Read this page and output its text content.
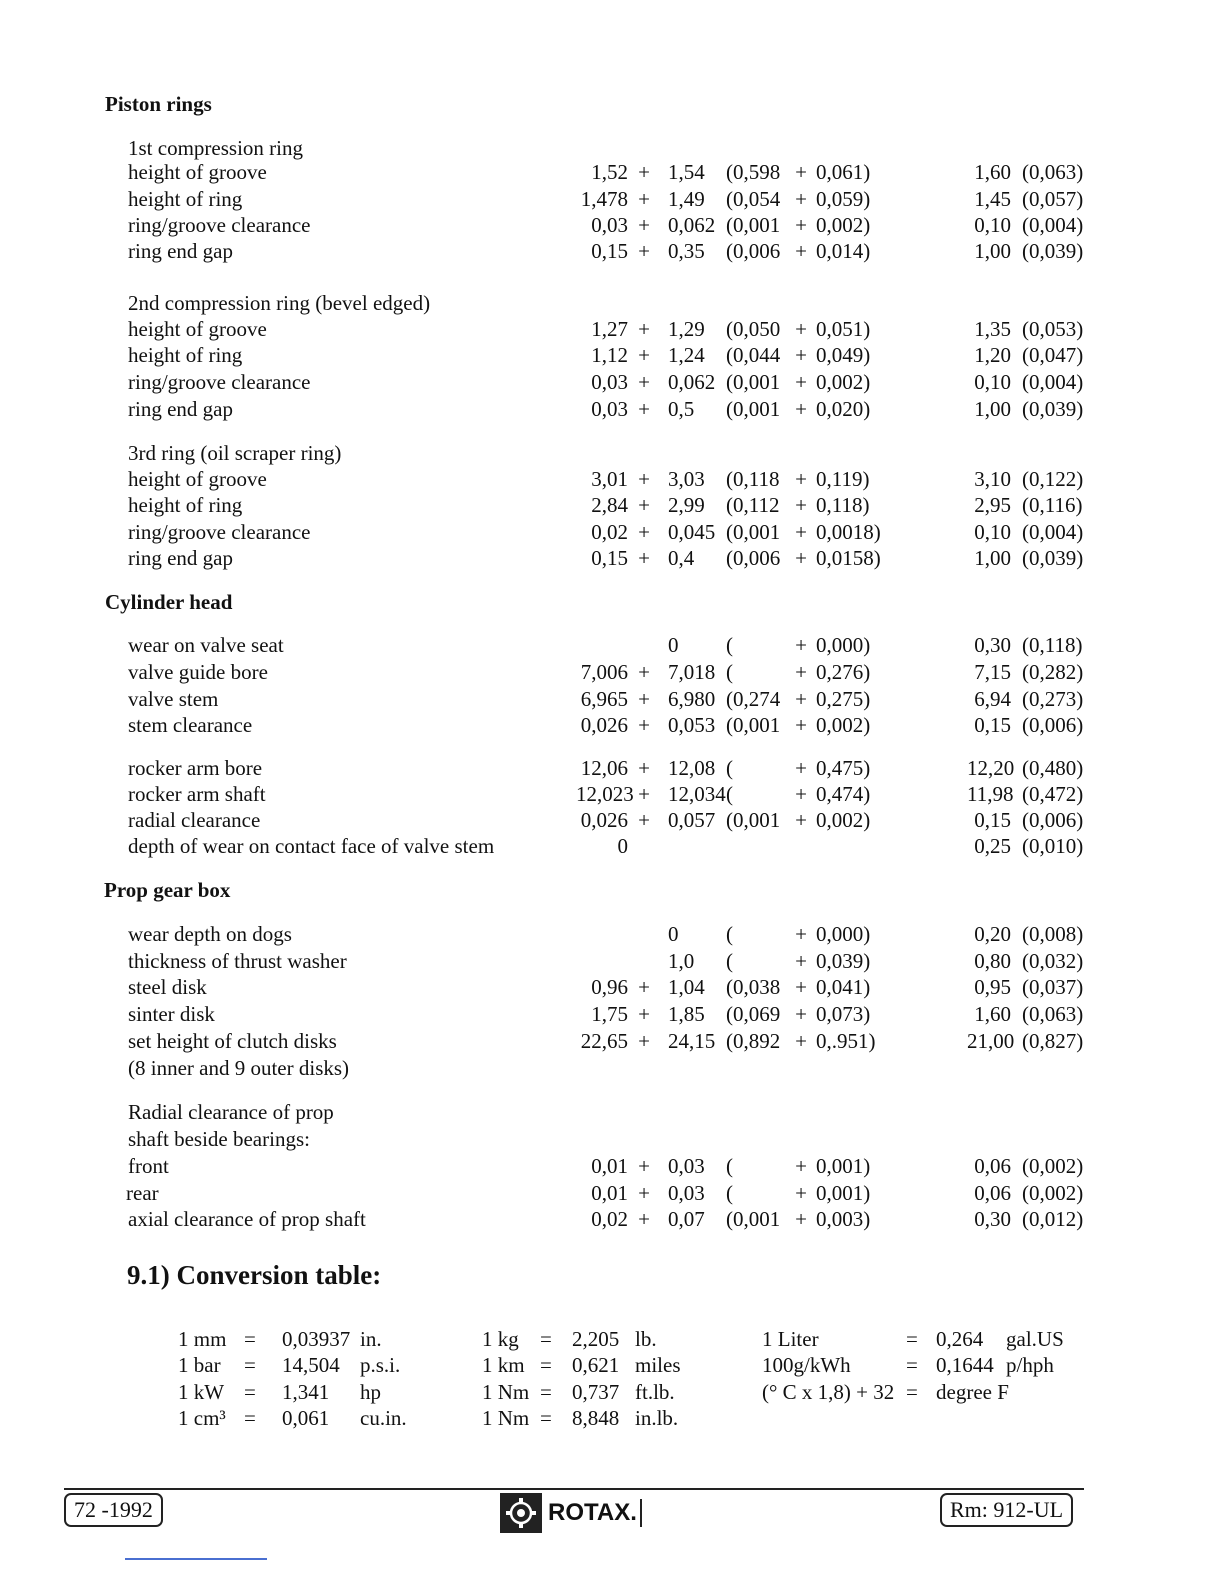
Piston rings
1st compression ring
2nd compression ring (bevel edged)
3rd ring (oil scraper ring)
Cylinder head
Prop gear box
height of groove	1,52 + 1,54	(0,598 + 0,061)	1,60 (0,063)
height of ring	1,478 + 1,49	(0,054 + 0,059)	1,45 (0,057)
ring/groove clearance	0,03 + 0,062 (0,001 + 0,002)	0,10 (0,004)
ring end gap	0,15 + 0,35	(0,006 + 0,014)	1,00 (0,039)
height of groove	1,27 + 1,29	(0,050 + 0,051)	1,35 (0,053)
height of ring	1,12 + 1,24	(0,044 + 0,049)	1,20 (0,047)
ring/groove clearance	0,03 + 0,062 (0,001 + 0,002)	0,10 (0,004)
ring end gap	0,03 + 0,5	(0,001 + 0,020)	1,00 (0,039)
height of groove	3,01 + 3,03	(0,118 + 0,119)	3,10 (0,122)
height of ring	2,84 + 2,99	(0,112 + 0,118)	2,95 (0,116)
ring/groove clearance	0,02 + 0,045 (0,001 + 0,0018)	0,10 (0,004)
ring end gap	0,15 + 0,4	(0,006 + 0,0158)	1,00 (0,039)
wear on valve seat	0	(	+ 0,000)	0,30 (0,118)
valve guide bore	7,006 + 7,018 (	+ 0,276)	7,15 (0,282)
valve stem	6,965 + 6,980 (0,274 + 0,275)	6,94 (0,273)
stem clearance	0,026 + 0,053 (0,001 + 0,002)	0,15 (0,006)
rocker arm bore	12,06 + 12,08 (	+ 0,475)	12,20 (0,480)
rocker arm shaft	12,023 + 12,034 (	+ 0,474)	11,98 (0,472)
radial clearance	0,026 + 0,057 (0,001 + 0,002)	0,15 (0,006)
depth of wear on contact face of valve stem	0	0,25 (0,010)
wear depth on dogs	0	(	+ 0,000)	0,20 (0,008)
thickness of thrust washer	1,0	(	+ 0,039)	0,80 (0,032)
steel disk	0,96 + 1,04	(0,038 + 0,041)	0,95 (0,037)
sinter disk	1,75 + 1,85	(0,069 + 0,073)	1,60 (0,063)
set height of clutch disks	22,65 + 24,15 (0,892 + 0,.951)	21,00 (0,827)
(8 inner and 9 outer disks)
Radial clearance of prop
shaft beside bearings:
front	0,01 + 0,03	(	+ 0,001)	0,06 (0,002)
rear	0,01 + 0,03	(	+ 0,001)	0,06 (0,002)
axial clearance of prop shaft	0,02 + 0,07	(0,001 + 0,003)	0,30 (0,012)
9.1) Conversion table:
1 mm = 0,03937 in.
1 bar = 14,504 p.s.i.
1 kW = 1,341 hp
1 cm³ = 0,061 cu.in.
1 kg = 2,205 lb.
1 km = 0,621 miles
1 Nm = 0,737 ft.lb.
1 Nm = 8,848 in.lb.
1 Liter	= 0,264 gal.US
100g/kWh	= 0,1644 p/hph
(° C x 1,8) + 32 = degree F
72 -1992	ROTAX.	Rm: 912-UL
